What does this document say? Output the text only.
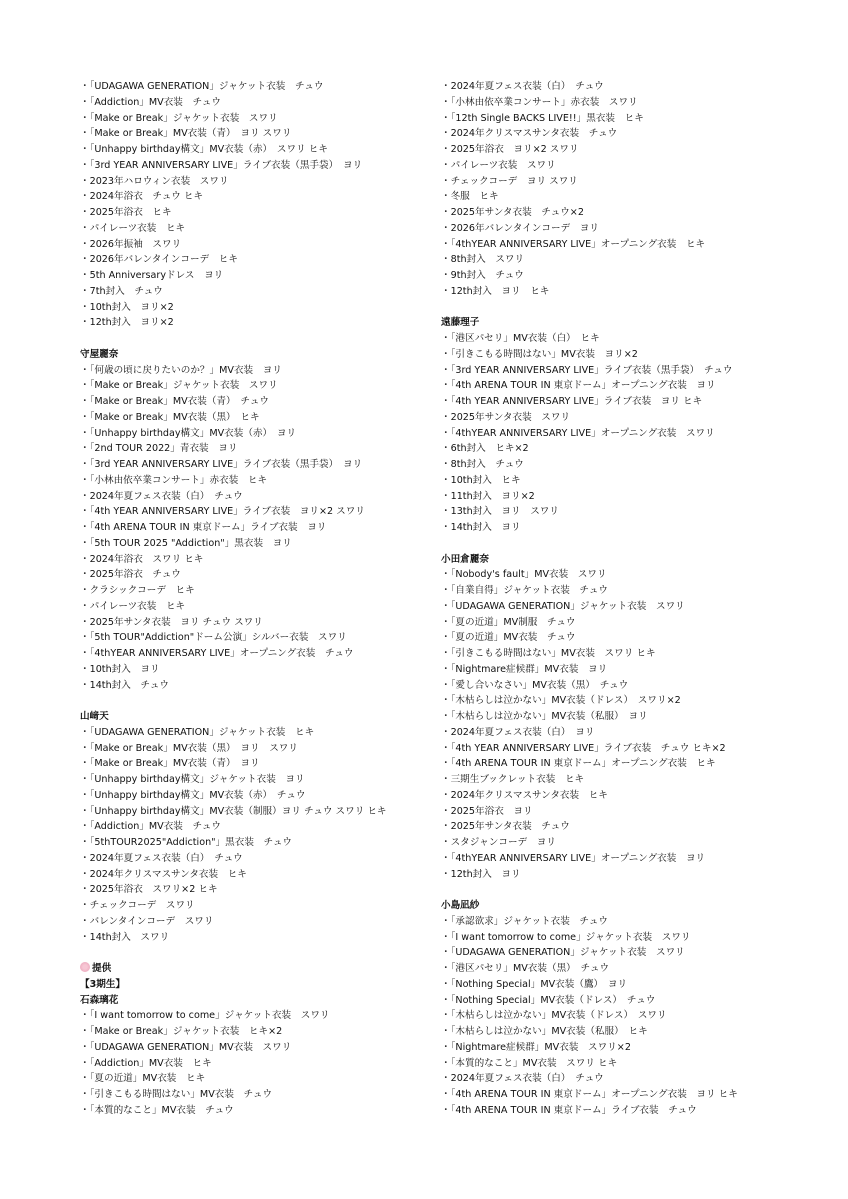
・「UDAGAWA GENERATION」ジャケット衣装　チュウ
・「Addiction」MV衣装　チュウ
・「Make or Break」ジャケット衣装　スワリ
・「Make or Break」MV衣装（青）　ヨリ スワリ
・「Unhappy birthday構文」MV衣装（赤）　スワリ ヒキ
・「3rd YEAR ANNIVERSARY LIVE」ライブ衣装（黒手袋）　ヨリ
・2023年ハロウィン衣装　スワリ
・2024年浴衣　チュウ ヒキ
・2025年浴衣　ヒキ
・パイレーツ衣装　ヒキ
・2026年振袖　スワリ
・2026年バレンタインコーデ　ヒキ
・5th Anniversaryドレス　ヨリ
・7th封入　チュウ
・10th封入　ヨリ×2
・12th封入　ヨリ×2
守屋麗奈
・「何歳の頃に戻りたいのか？」MV衣装　ヨリ
・「Make or Break」ジャケット衣装　スワリ
・「Make or Break」MV衣装（青）　チュウ
・「Make or Break」MV衣装（黒）　ヒキ
・「Unhappy birthday構文」MV衣装（赤）　ヨリ
・「2nd TOUR 2022」青衣装　ヨリ
・「3rd YEAR ANNIVERSARY LIVE」ライブ衣装（黒手袋）　ヨリ
・「小林由依卒業コンサート」赤衣装　ヒキ
・2024年夏フェス衣装（白）　チュウ
・「4th YEAR ANNIVERSARY LIVE」ライブ衣装　ヨリ×2 スワリ
・「4th ARENA TOUR IN 東京ドーム」ライブ衣装　ヨリ
・「5th TOUR 2025 "Addiction"」黒衣装　ヨリ
・2024年浴衣　スワリ ヒキ
・2025年浴衣　チュウ
・クラシックコーデ　ヒキ
・パイレーツ衣装　ヒキ
・2025年サンタ衣装　ヨリ チュウ スワリ
・「5th TOUR"Addiction"ドーム公演」シルバー衣装　スワリ
・「4thYEAR ANNIVERSARY LIVE」オープニング衣装　チュウ
・10th封入　ヨリ
・14th封入　チュウ
山﨑天
・「UDAGAWA GENERATION」ジャケット衣装　ヒキ
・「Make or Break」MV衣装（黒）　ヨリ　スワリ
・「Make or Break」MV衣装（青）　ヨリ
・「Unhappy birthday構文」ジャケット衣装　ヨリ
・「Unhappy birthday構文」MV衣装（赤）　チュウ
・「Unhappy birthday構文」MV衣装（制服）ヨリ チュウ スワリ ヒキ
・「Addiction」MV衣装　チュウ
・「5thTOUR2025"Addiction"」黒衣装　チュウ
・2024年夏フェス衣装（白）　チュウ
・2024年クリスマスサンタ衣装　ヒキ
・2025年浴衣　スワリ×2 ヒキ
・チェックコーデ　スワリ
・バレンタインコーデ　スワリ
・14th封入　スワリ
提供
【3期生】
石森璃花
・「I want tomorrow to come」ジャケット衣装　スワリ
・「Make or Break」ジャケット衣装　ヒキ×2
・「UDAGAWA GENERATION」MV衣装　スワリ
・「Addiction」MV衣装　ヒキ
・「夏の近道」MV衣装　ヒキ
・「引きこもる時間はない」MV衣装　チュウ
・「本質的なこと」MV衣装　チュウ
・2024年夏フェス衣装（白）　チュウ
・「小林由依卒業コンサート」赤衣装　スワリ
・「12th Single BACKS LIVE!!」黒衣装　ヒキ
・2024年クリスマスサンタ衣装　チュウ
・2025年浴衣　ヨリ×2 スワリ
・パイレーツ衣装　スワリ
・チェックコーデ　ヨリ スワリ
・冬服　ヒキ
・2025年サンタ衣装　チュウ×2
・2026年バレンタインコーデ　ヨリ
・「4thYEAR ANNIVERSARY LIVE」オープニング衣装　ヒキ
・8th封入　スワリ
・9th封入　チュウ
・12th封入　ヨリ　ヒキ
遠藤理子
・「港区パセリ」MV衣装（白）　ヒキ
・「引きこもる時間はない」MV衣装　ヨリ×2
・「3rd YEAR ANNIVERSARY LIVE」ライブ衣装（黒手袋）　チュウ
・「4th ARENA TOUR IN 東京ドーム」オープニング衣装　ヨリ
・「4th YEAR ANNIVERSARY LIVE」ライブ衣装　ヨリ ヒキ
・2025年サンタ衣装　スワリ
・「4thYEAR ANNIVERSARY LIVE」オープニング衣装　スワリ
・6th封入　ヒキ×2
・8th封入　チュウ
・10th封入　ヒキ
・11th封入　ヨリ×2
・13th封入　ヨリ　スワリ
・14th封入　ヨリ
小田倉麗奈
・「Nobody's fault」MV衣装　スワリ
・「自業自得」ジャケット衣装　チュウ
・「UDAGAWA GENERATION」ジャケット衣装　スワリ
・「夏の近道」MV制服　チュウ
・「夏の近道」MV衣装　チュウ
・「引きこもる時間はない」MV衣装　スワリ ヒキ
・「Nightmare症候群」MV衣装　ヨリ
・「愛し合いなさい」MV衣装（黒）　チュウ
・「木枯らしは泣かない」MV衣装（ドレス）　スワリ×2
・「木枯らしは泣かない」MV衣装（私服）　ヨリ
・2024年夏フェス衣装（白）　ヨリ
・「4th YEAR ANNIVERSARY LIVE」ライブ衣装　チュウ ヒキ×2
・「4th ARENA TOUR IN 東京ドーム」オープニング衣装　ヒキ
・三期生ブックレット衣装　ヒキ
・2024年クリスマスサンタ衣装　ヒキ
・2025年浴衣　ヨリ
・2025年サンタ衣装　チュウ
・スタジャンコーデ　ヨリ
・「4thYEAR ANNIVERSARY LIVE」オープニング衣装　ヨリ
・12th封入　ヨリ
小島凪紗
・「承認欲求」ジャケット衣装　チュウ
・「I want tomorrow to come」ジャケット衣装　スワリ
・「UDAGAWA GENERATION」ジャケット衣装　スワリ
・「港区パセリ」MV衣装（黒）　チュウ
・「Nothing Special」MV衣装（鷹）　ヨリ
・「Nothing Special」MV衣装（ドレス）　チュウ
・「木枯らしは泣かない」MV衣装（ドレス）　スワリ
・「木枯らしは泣かない」MV衣装（私服）　ヒキ
・「Nightmare症候群」MV衣装　スワリ×2
・「本質的なこと」MV衣装　スワリ ヒキ
・2024年夏フェス衣装（白）　チュウ
・「4th ARENA TOUR IN 東京ドーム」オープニング衣装　ヨリ ヒキ
・「4th ARENA TOUR IN 東京ドーム」ライブ衣装　チュウ
